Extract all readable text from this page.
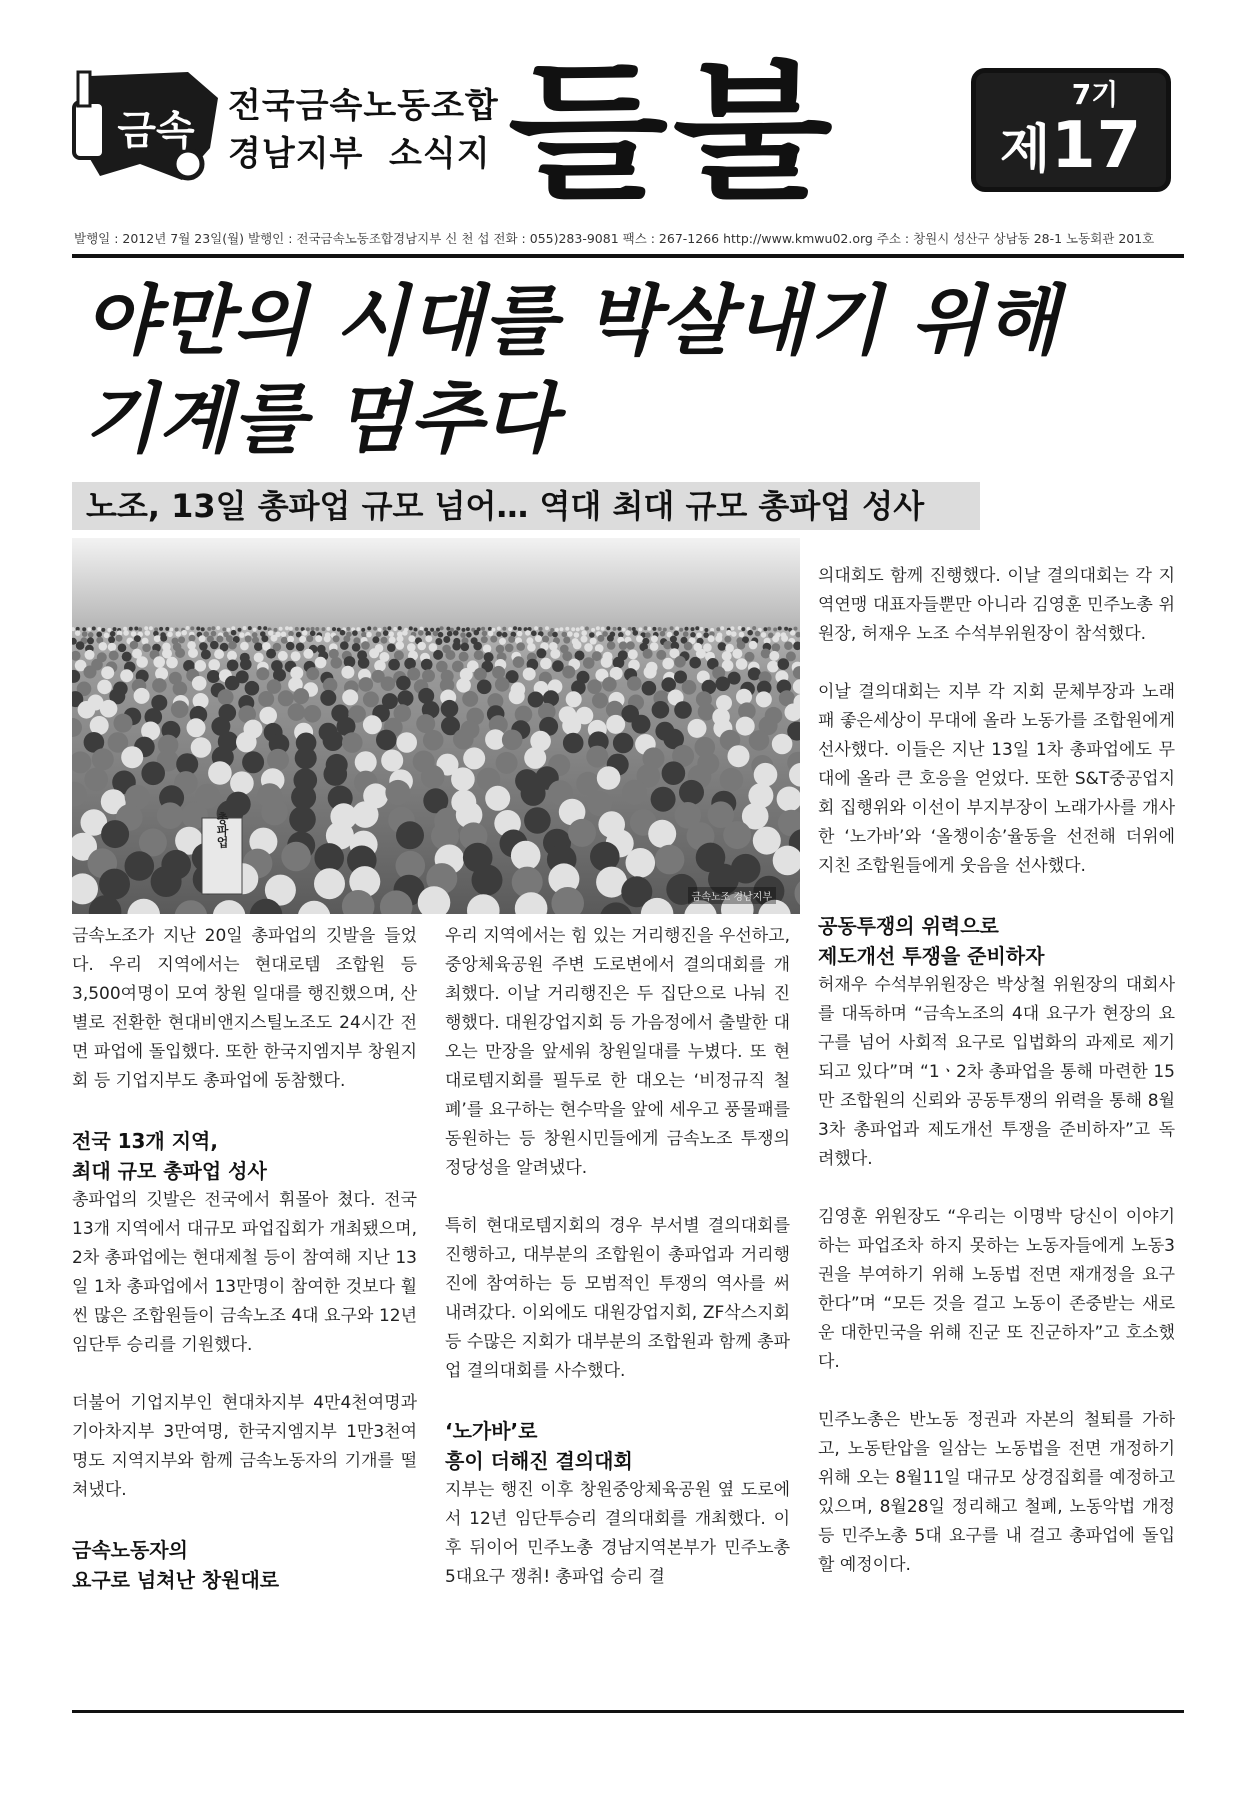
금속
전국금속노동조합
경남지부  소식지 들불	7기
제17호
발행일 : 2012년 7월 23일(월) 발행인 : 전국금속노동조합경남지부 신 천 섭 전화 : 055)283-9081 팩스 : 267-1266 http://www.kmwu02.org 주소 : 창원시 성산구 상남동 28-1 노동회관 201호
야만의 시대를 박살내기 위해
기계를 멈추다
노조, 13일 총파업 규모 넘어… 역대 최대 규모 총파업 성사
총파업
금속노조 경남지부

금속노조가 지난 20일 총파업의 깃발을 들었다. 우리 지역에서는 현대로템 조합원 등 3,500여명이 모여 창원 일대를 행진했으며, 산별로 전환한 현대비앤지스틸노조도 24시간 전면 파업에 돌입했다. 또한 한국지엠지부 창원지회 등 기업지부도 총파업에 동참했다.

전국 13개 지역,
최대 규모 총파업 성사

총파업의 깃발은 전국에서 휘몰아 쳤다. 전국 13개 지역에서 대규모 파업집회가 개최됐으며, 2차 총파업에는 현대제철 등이 참여해 지난 13일 1차 총파업에서 13만명이 참여한 것보다 훨씬 많은 조합원들이 금속노조 4대 요구와 12년 임단투 승리를 기원했다.

더불어 기업지부인 현대차지부 4만4천여명과 기아차지부 3만여명, 한국지엠지부 1만3천여명도 지역지부와 함께 금속노동자의 기개를 떨쳐냈다.

금속노동자의
요구로 넘쳐난 창원대로

우리 지역에서는 힘 있는 거리행진을 우선하고, 중앙체육공원 주변 도로변에서 결의대회를 개최했다. 이날 거리행진은 두 집단으로 나눠 진행했다. 대원강업지회 등 가음정에서 출발한 대오는 만장을 앞세워 창원일대를 누볐다. 또 현대로템지회를 필두로 한 대오는 ‘비정규직 철폐’를 요구하는 현수막을 앞에 세우고 풍물패를 동원하는 등 창원시민들에게 금속노조 투쟁의 정당성을 알려냈다.

특히 현대로템지회의 경우 부서별 결의대회를 진행하고, 대부분의 조합원이 총파업과 거리행진에 참여하는 등 모범적인 투쟁의 역사를 써 내려갔다. 이외에도 대원강업지회, ZF삭스지회 등 수많은 지회가 대부분의 조합원과 함께 총파업 결의대회를 사수했다.

‘노가바’로
흥이 더해진 결의대회

지부는 행진 이후 창원중앙체육공원 옆 도로에서 12년 임단투승리 결의대회를 개최했다. 이후 뒤이어 민주노총 경남지역본부가 민주노총 5대요구 쟁취! 총파업 승리 결

의대회도 함께 진행했다. 이날 결의대회는 각 지역연맹 대표자들뿐만 아니라 김영훈 민주노총 위원장, 허재우 노조 수석부위원장이 참석했다.

이날 결의대회는 지부 각 지회 문체부장과 노래패 좋은세상이 무대에 올라 노동가를 조합원에게 선사했다. 이들은 지난 13일 1차 총파업에도 무대에 올라 큰 호응을 얻었다. 또한 S&T중공업지회 집행위와 이선이 부지부장이 노래가사를 개사한 ‘노가바’와 ‘올챙이송’율동을 선전해 더위에 지친 조합원들에게 웃음을 선사했다.

공동투쟁의 위력으로
제도개선 투쟁을 준비하자

허재우 수석부위원장은 박상철 위원장의 대회사를 대독하며 “금속노조의 4대 요구가 현장의 요구를 넘어 사회적 요구로 입법화의 과제로 제기되고 있다”며 “1ㆍ2차 총파업을 통해 마련한 15만 조합원의 신뢰와 공동투쟁의 위력을 통해 8월 3차 총파업과 제도개선 투쟁을 준비하자”고 독려했다.

김영훈 위원장도 “우리는 이명박 당신이 이야기하는 파업조차 하지 못하는 노동자들에게 노동3권을 부여하기 위해 노동법 전면 재개정을 요구한다”며 “모든 것을 걸고 노동이 존중받는 새로운 대한민국을 위해 진군 또 진군하자”고 호소했다.

민주노총은 반노동 정권과 자본의 철퇴를 가하고, 노동탄압을 일삼는 노동법을 전면 개정하기 위해 오는 8월11일 대규모 상경집회를 예정하고 있으며, 8월28일 정리해고 철폐, 노동악법 개정 등 민주노총 5대 요구를 내 걸고 총파업에 돌입할 예정이다.
